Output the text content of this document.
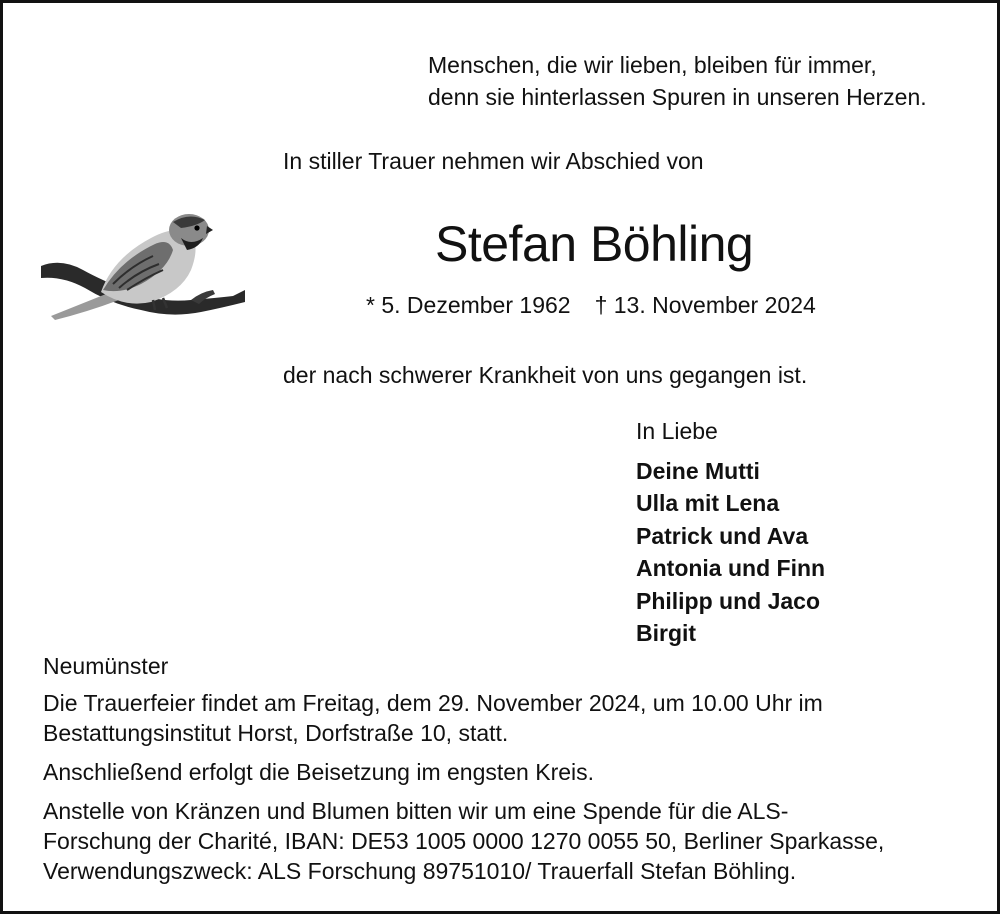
Menschen, die wir lieben, bleiben für immer,
denn sie hinterlassen Spuren in unseren Herzen.
In stiller Trauer nehmen wir Abschied von
Stefan Böhling
* 5. Dezember 1962 † 13. November 2024
der nach schwerer Krankheit von uns gegangen ist.
In Liebe
Deine Mutti
Ulla mit Lena
Patrick und Ava
Antonia und Finn
Philipp und Jaco
Birgit
Neumünster

Die Trauerfeier findet am Freitag, dem 29. November 2024, um 10.00 Uhr im
Bestattungsinstitut Horst, Dorfstraße 10, statt.

Anschließend erfolgt die Beisetzung im engsten Kreis.

Anstelle von Kränzen und Blumen bitten wir um eine Spende für die ALS-
Forschung der Charité, IBAN: DE53 1005 0000 1270 0055 50, Berliner Sparkasse,
Verwendungszweck: ALS Forschung 89751010/ Trauerfall Stefan Böhling.
